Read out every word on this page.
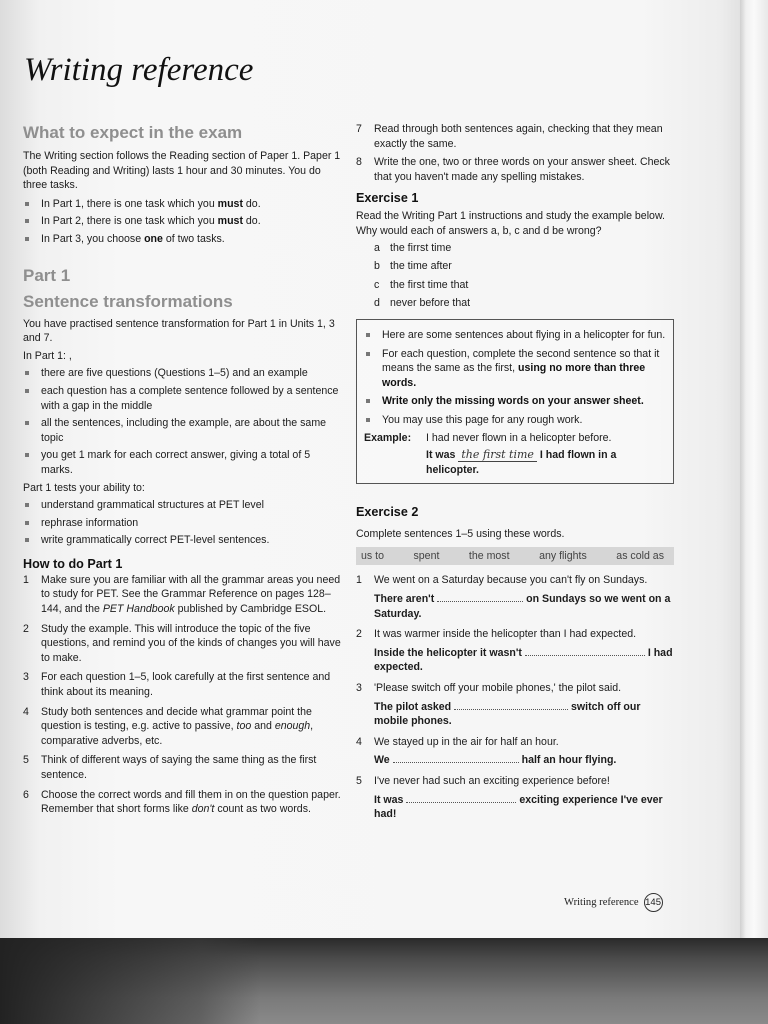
Writing reference
What to expect in the exam

The Writing section follows the Reading section of Paper 1. Paper 1 (both Reading and Writing) lasts 1 hour and 30 minutes. You do three tasks.

In Part 1, there is one task which you must do.
In Part 2, there is one task which you must do.
In Part 3, you choose one of two tasks.
Part 1
Sentence transformations

You have practised sentence transformation for Part 1 in Units 1, 3 and 7.

In Part 1: ,

there are five questions (Questions 1–5) and an example
each question has a complete sentence followed by a sentence with a gap in the middle
all the sentences, including the example, are about the same topic
you get 1 mark for each correct answer, giving a total of 5 marks.

Part 1 tests your ability to:

understand grammatical structures at PET level
rephrase information
write grammatically correct PET-level sentences.
How to do Part 1
1 Make sure you are familiar with all the grammar areas you need to study for PET. See the Grammar Reference on pages 128–144, and the PET Handbook published by Cambridge ESOL.
2 Study the example. This will introduce the topic of the five questions, and remind you of the kinds of changes you will have to make.
3 For each question 1–5, look carefully at the first sentence and think about its meaning.
4 Study both sentences and decide what grammar point the question is testing, e.g. active to passive, too and enough, comparative adverbs, etc.
5 Think of different ways of saying the same thing as the first sentence.
6 Choose the correct words and fill them in on the question paper. Remember that short forms like don't count as two words.
7 Read through both sentences again, checking that they mean exactly the same.
8 Write the one, two or three words on your answer sheet. Check that you haven't made any spelling mistakes.
Exercise 1

Read the Writing Part 1 instructions and study the example below. Why would each of answers a, b, c and d be wrong?

a the firrst time
b the time after
c the first time that
d never before that
Here are some sentences about flying in a helicopter for fun.
For each question, complete the second sentence so that it means the same as the first, using no more than three words.
Write only the missing words on your answer sheet.
You may use this page for any rough work.
Example:	I had never flown in a helicopter before.
It was the first time I had flown in a helicopter.
Exercise 2

Complete sentences 1–5 using these words.

us to	spent	the most	any flights	as cold as
1 We went on a Saturday because you can't fly on Sundays.
There aren't	on Sundays so we went on a Saturday.
2 It was warmer inside the helicopter than I had expected.
Inside the helicopter it wasn't	I had expected.
3 'Please switch off your mobile phones,' the pilot said.
The pilot asked	switch off our mobile phones.
4 We stayed up in the air for half an hour.
We	half an hour flying.
5 I've never had such an exciting experience before!
It was	exciting experience I've ever had!
Writing reference 145
